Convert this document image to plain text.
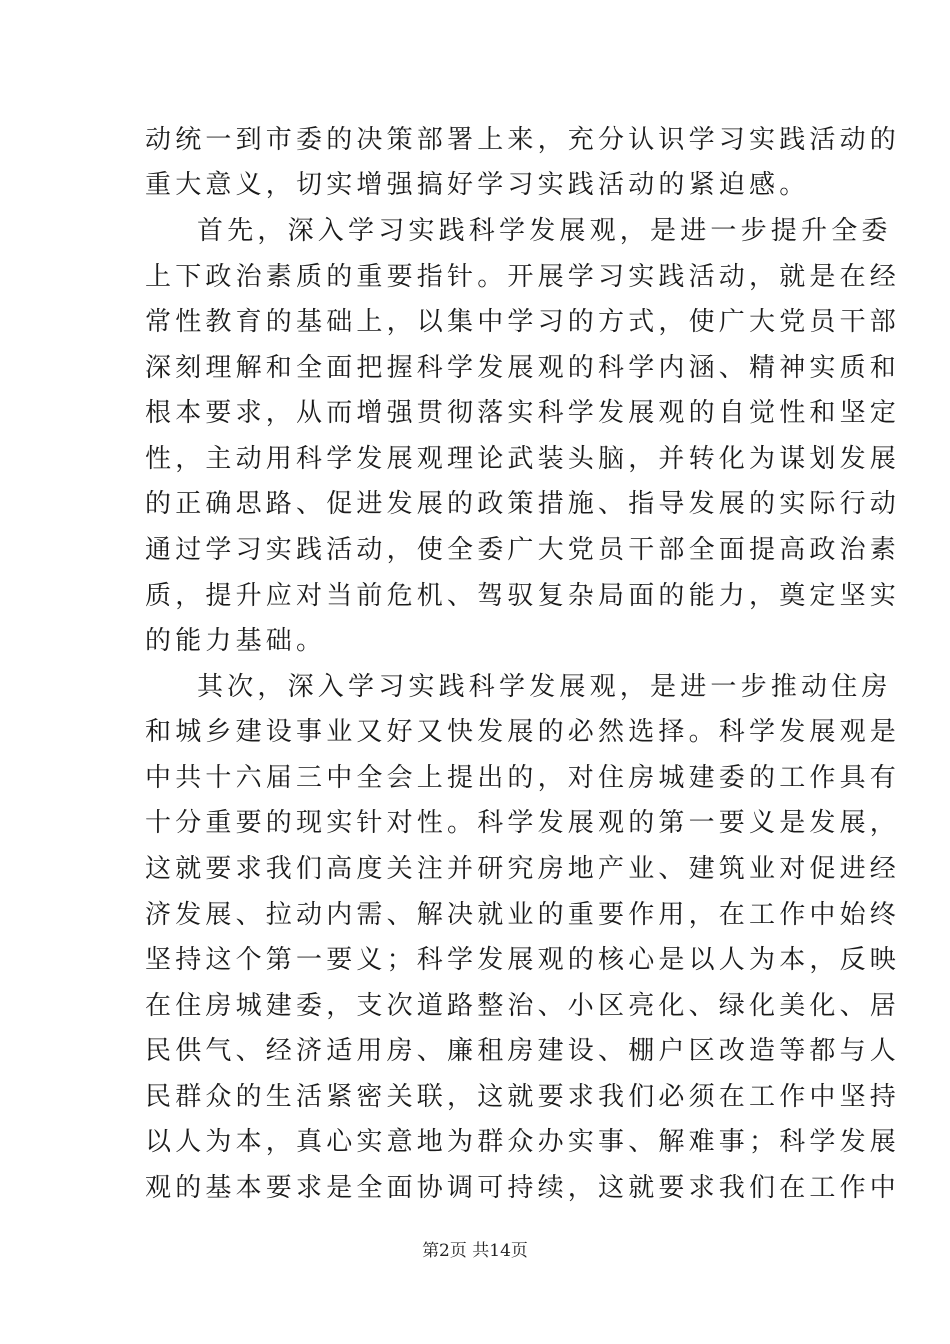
动统一到市委的决策部署上来，充分认识学习实践活动的
重大意义，切实增强搞好学习实践活动的紧迫感。
首先，深入学习实践科学发展观，是进一步提升全委
上下政治素质的重要指针。开展学习实践活动，就是在经
常性教育的基础上，以集中学习的方式，使广大党员干部
深刻理解和全面把握科学发展观的科学内涵、精神实质和
根本要求，从而增强贯彻落实科学发展观的自觉性和坚定
性，主动用科学发展观理论武装头脑，并转化为谋划发展
的正确思路、促进发展的政策措施、指导发展的实际行动
通过学习实践活动，使全委广大党员干部全面提高政治素
质，提升应对当前危机、驾驭复杂局面的能力，奠定坚实
的能力基础。
其次，深入学习实践科学发展观，是进一步推动住房
和城乡建设事业又好又快发展的必然选择。科学发展观是
中共十六届三中全会上提出的，对住房城建委的工作具有
十分重要的现实针对性。科学发展观的第一要义是发展，
这就要求我们高度关注并研究房地产业、建筑业对促进经
济发展、拉动内需、解决就业的重要作用，在工作中始终
坚持这个第一要义；科学发展观的核心是以人为本，反映
在住房城建委，支次道路整治、小区亮化、绿化美化、居
民供气、经济适用房、廉租房建设、棚户区改造等都与人
民群众的生活紧密关联，这就要求我们必须在工作中坚持
以人为本，真心实意地为群众办实事、解难事；科学发展
观的基本要求是全面协调可持续，这就要求我们在工作中
第2页 共14页
